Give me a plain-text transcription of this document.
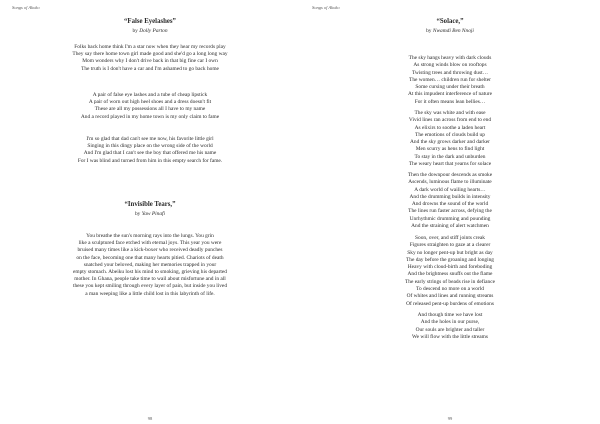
Songs of Akoko
“False Eyelashes”
by Dolly Parton
Folks back home think I'm a star now when they hear my records play
They say there home town girl made good and she'd go a long long way
Mom wonders why I don't drive back in that big fine car I own
The truth is I don't have a car and I'm ashamed to go back home
A pair of false eye lashes and a tube of cheap lipstick
A pair of worn out high heel shoes and a dress doesn't fit
These are all my possessions all I have to my name
And a record played in my home town is my only claim to fame
I'm so glad that dad can't see me now, his favorite little girl
Singing in this dingy place on the wrong side of the world
And I'm glad that I can't see the boy that offered me his name
For I was blind and turned from him in this empty search for fame.
“Invisible Tears,”
by Yaw Pinafi
You breathe the sun's morning rays into the lungs. You grin
like a sculptured face etched with eternal joys. This year you were
bruised many times like a kick-boxer who received deadly punches
on the face, becoming one that many hearts pitied. Chariots of death
snatched your beloved, making her memories trapped in your
empty stomach. Abeiku lost his mind to smoking, grieving his departed
mother. In Ghana, people take time to wail about misfortune and in all
these you kept smiling through every layer of pain, but inside you lived
a man weeping like a little child lost in this labyrinth of life.
98
Songs of Akoko
“Solace,”
by Nwamdi Ben Nnoji
The sky hangs heavy with dark clouds
As strong winds blow on rooftops
Twisting trees and throwing dust…
The women… children run for shelter
Some cursing under their breath
At this impudent interference of nature
For it often means lean bellies…
The sky was white and with ease
Vivid lines ran across from end to end
As elixirs to soothe a laden heart
The emotions of clouds build up
And the sky grows darker and darker
Men scurry as hens to find light
To stay in the dark and unburden
The weary heart that yearns for solace
Then the downpour descends as smoke
Ascends, luminous flame to illuminate
A dark world of wailing hearts…
And the drumming builds in intensity
And drowns the sound of the world
The lines run faster across, defying the
Unrhythmic drumming and pounding
And the straining of alert watchmen
Soon, over, and stiff joints creak
Figures straighten to gaze at a clearer
Sky no longer pent-up but bright as day
The day before the groaning and longing
Heavy with cloud-birth and foreboding
And the brightness snuffs out the flame
The early strings of beads rise in defiance
To descend no more on a world
Of whites and lines and running streams
Of released pent-up burdens of emotions
And though time we have lost
And the holes in our purse,
Our souls are brighter and taller
We will flow with the little streams
99
